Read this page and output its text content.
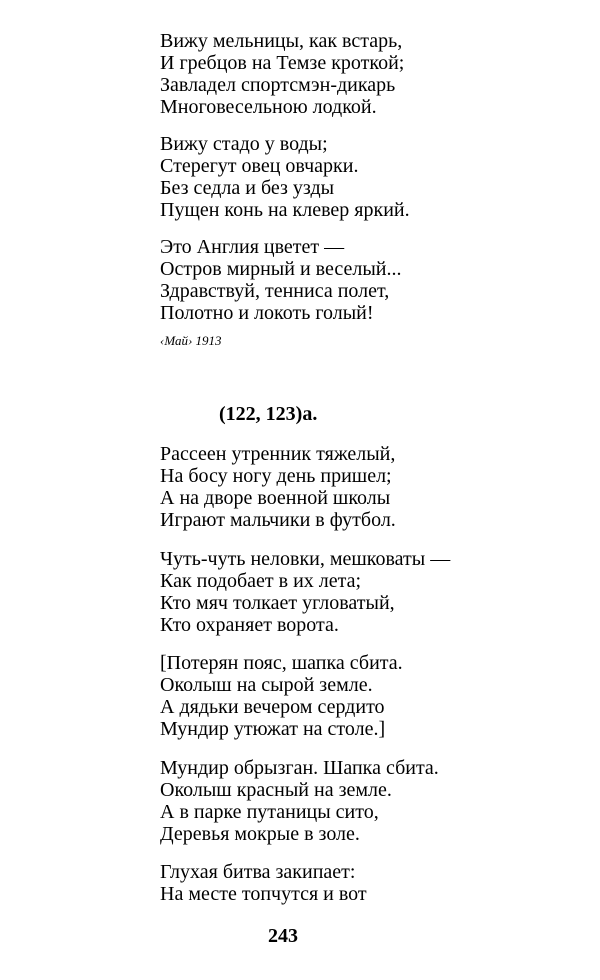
Вижу мельницы, как встарь,
И гребцов на Темзе кроткой;
Завладел спортсмэн-дикарь
Многовесельною лодкой.
Вижу стадо у воды;
Стерегут овец овчарки.
Без седла и без узды
Пущен конь на клевер яркий.
Это Англия цветет —
Остров мирный и веселый...
Здравствуй, тенниса полет,
Полотно и локоть голый!
‹Май› 1913
(122, 123)а.
Рассеен утренник тяжелый,
На босу ногу день пришел;
А на дворе военной школы
Играют мальчики в футбол.
Чуть-чуть неловки, мешковаты —
Как подобает в их лета;
Кто мяч толкает угловатый,
Кто охраняет ворота.
[Потерян пояс, шапка сбита.
Околыш на сырой земле.
А дядьки вечером сердито
Мундир утюжат на столе.]
Мундир обрызган. Шапка сбита.
Околыш красный на земле.
А в парке путаницы сито,
Деревья мокрые в золе.
Глухая битва закипает:
На месте топчутся и вот
243
